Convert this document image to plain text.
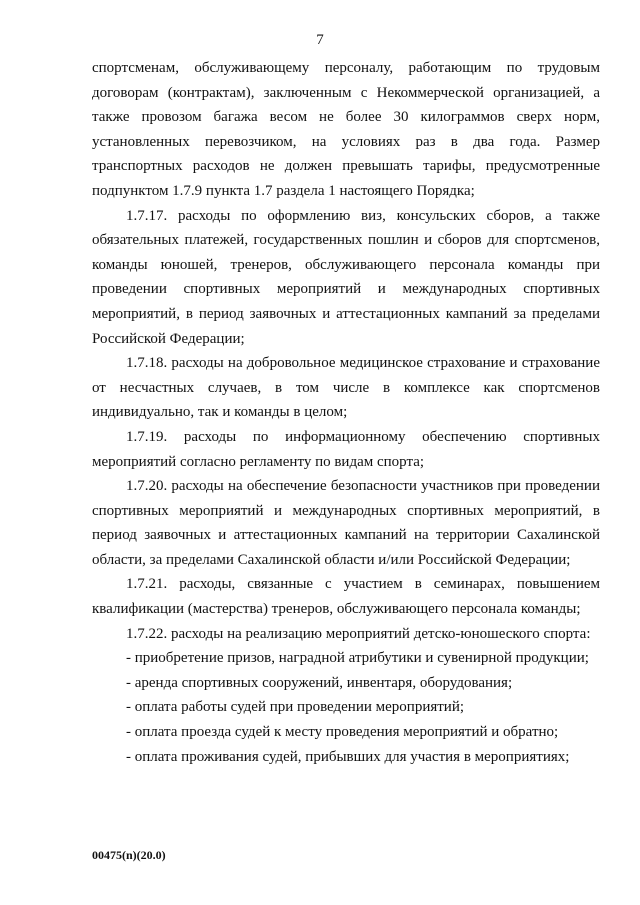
7

спортсменам, обслуживающему персоналу, работающим по трудовым договорам (контрактам), заключенным с Некоммерческой организацией, а также провозом багажа весом не более 30 килограммов сверх норм, установленных перевозчиком, на условиях раз в два года. Размер транспортных расходов не должен превышать тарифы, предусмотренные подпунктом 1.7.9 пункта 1.7 раздела 1 настоящего Порядка;

1.7.17. расходы по оформлению виз, консульских сборов, а также обязательных платежей, государственных пошлин и сборов для спортсменов, команды юношей, тренеров, обслуживающего персонала команды при проведении спортивных мероприятий и международных спортивных мероприятий, в период заявочных и аттестационных кампаний за пределами Российской Федерации;

1.7.18. расходы на добровольное медицинское страхование и страхование от несчастных случаев, в том числе в комплексе как спортсменов индивидуально, так и команды в целом;

1.7.19. расходы по информационному обеспечению спортивных мероприятий согласно регламенту по видам спорта;

1.7.20. расходы на обеспечение безопасности участников при проведении спортивных мероприятий и международных спортивных мероприятий, в период заявочных и аттестационных кампаний на территории Сахалинской области, за пределами Сахалинской области и/или Российской Федерации;

1.7.21. расходы, связанные с участием в семинарах, повышением квалификации (мастерства) тренеров, обслуживающего персонала команды;

1.7.22. расходы на реализацию мероприятий детско-юношеского спорта:

- приобретение призов, наградной атрибутики и сувенирной продукции;

- аренда спортивных сооружений, инвентаря, оборудования;

- оплата работы судей при проведении мероприятий;

- оплата проезда судей к месту проведения мероприятий и обратно;

- оплата проживания судей, прибывших для участия в мероприятиях;

00475(n)(20.0)
